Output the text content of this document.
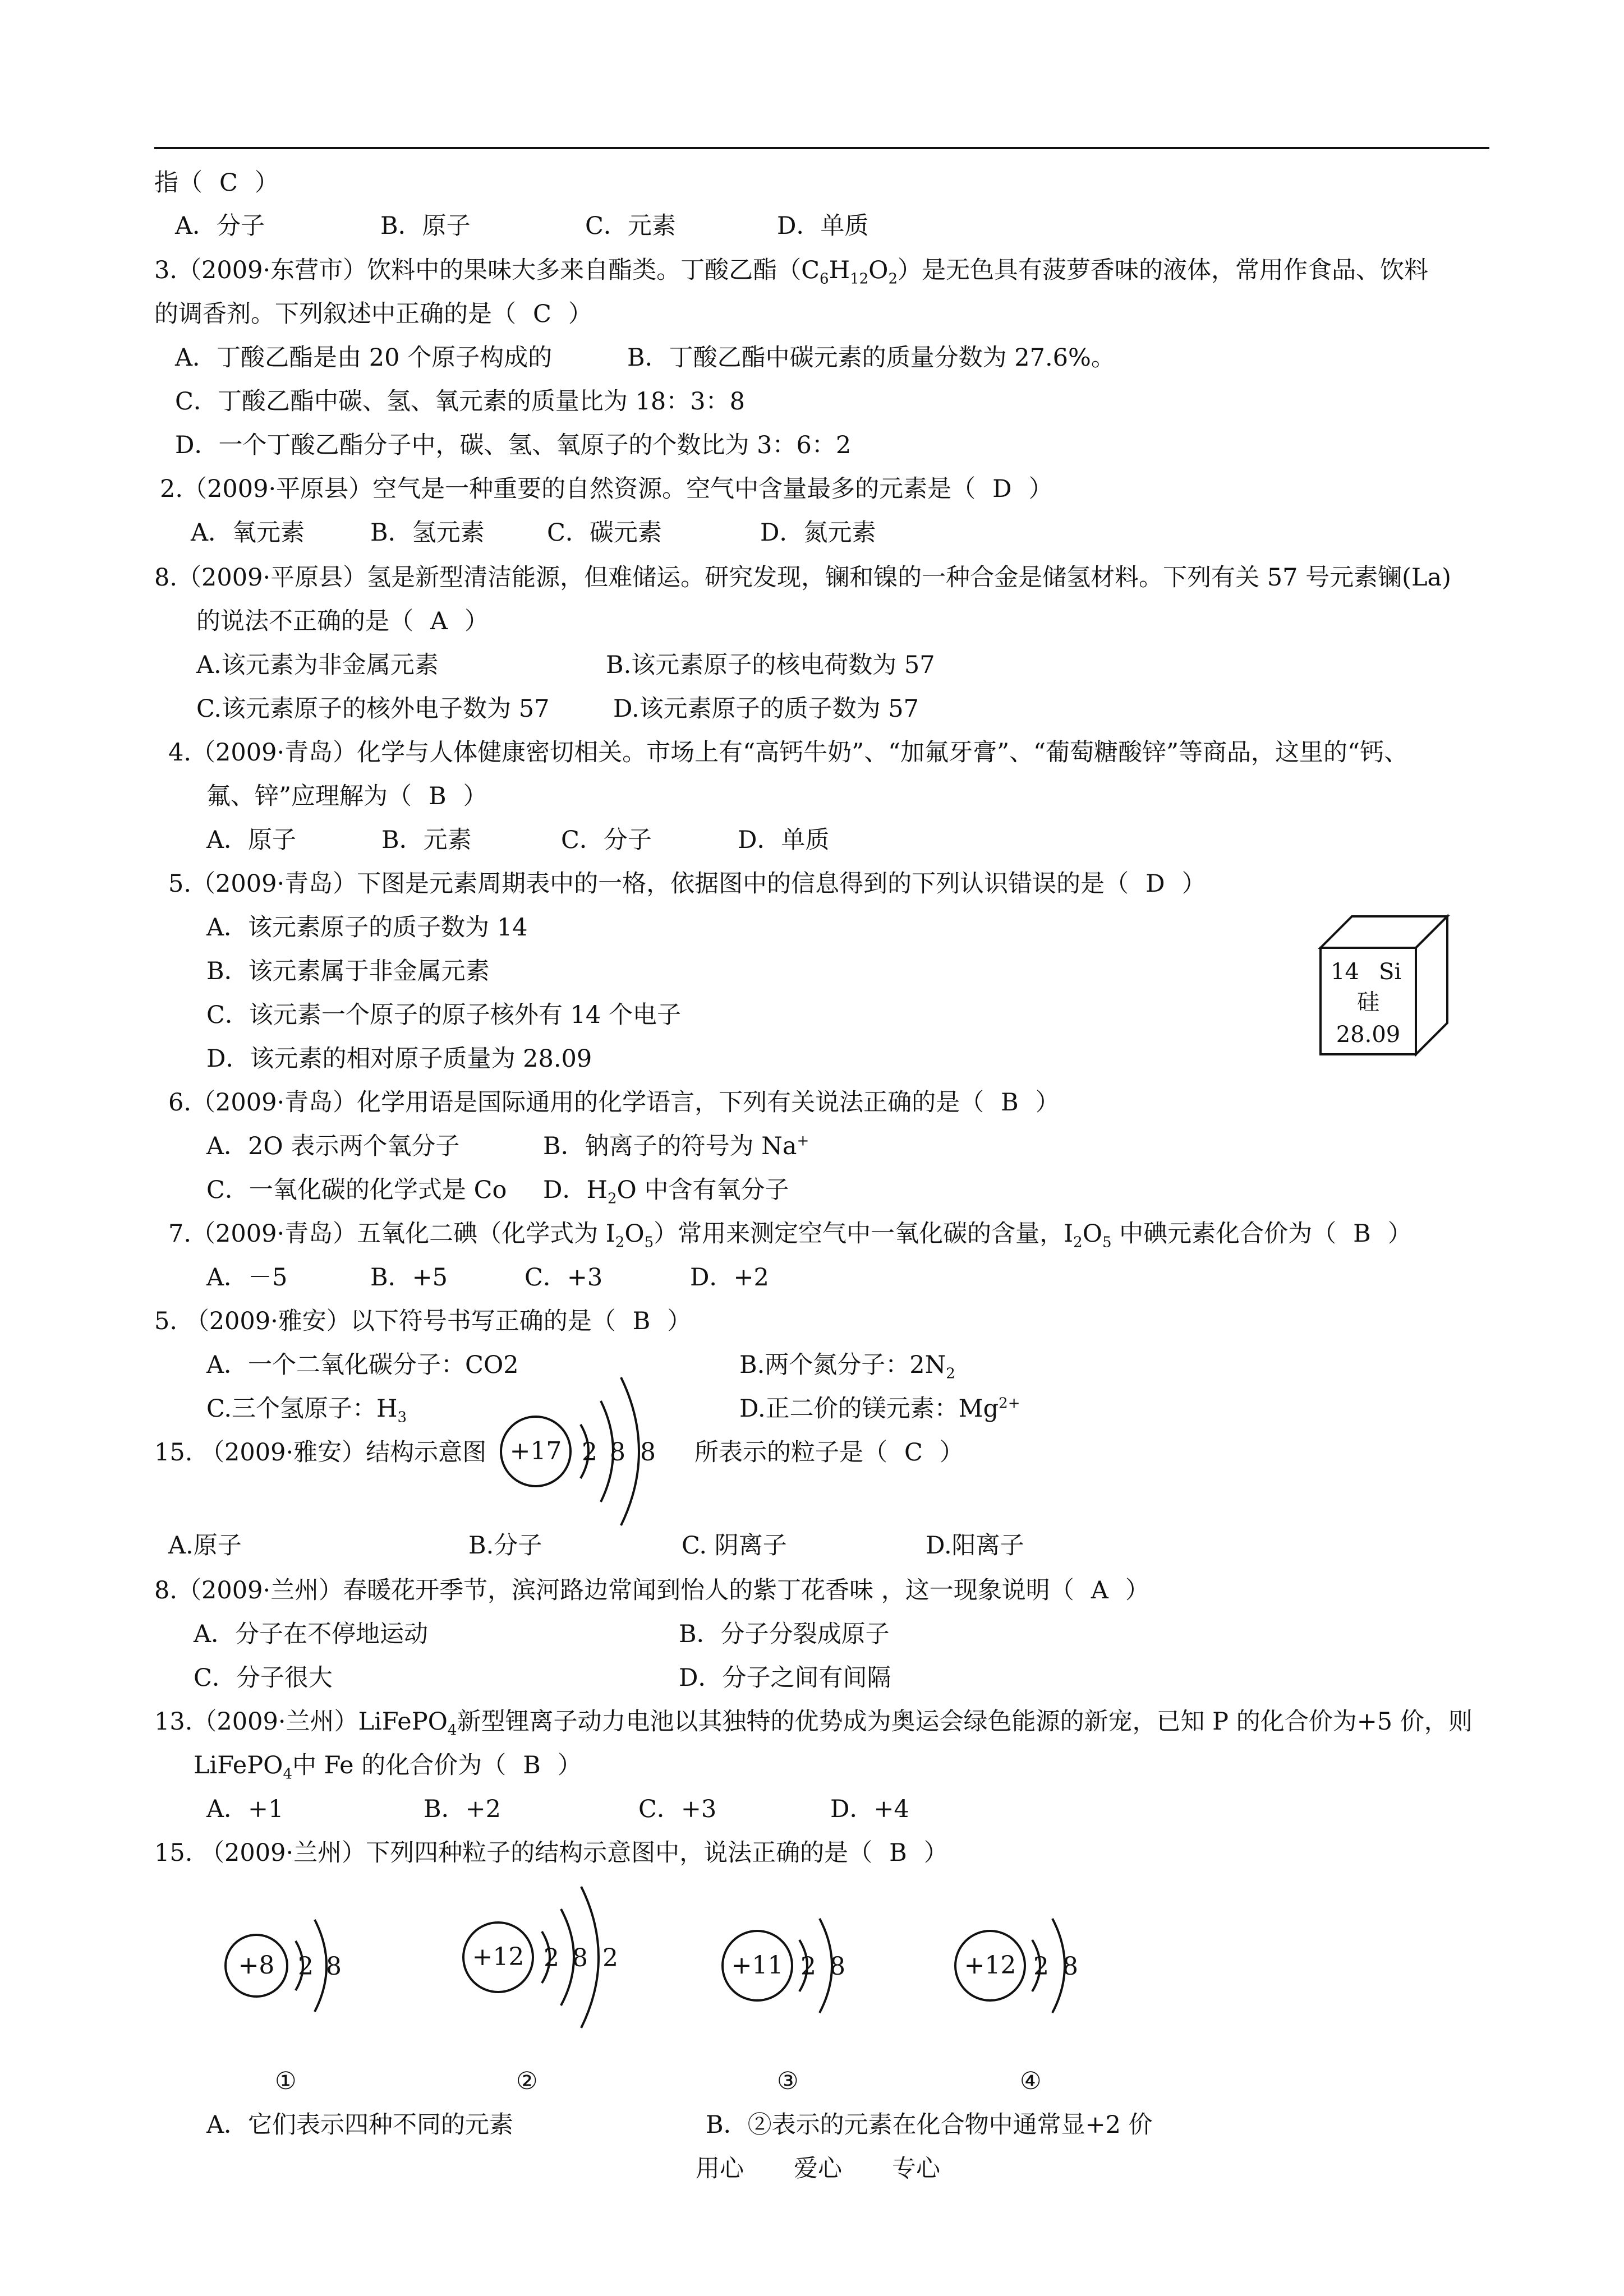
指（ C ）
A．分子	B．原子	C．元素	D．单质
3.（2009·东营市）饮料中的果味大多来自酯类。丁酸乙酯$(C_6H_{12}O_2)$是无色具有菠萝香味的液体，常用作食品、饮料
的调香剂。下列叙述中正确的是（ C ）
A．丁酸乙酯是由 20 个原子构成的	B．丁酸乙酯中碳元素的质量分数为 27.6%。
C．丁酸乙酯中碳、氢、氧元素的质量比为 18：3：8
D．一个丁酸乙酯分子中，碳、氢、氧原子的个数比为 3：6：2
2.（2009·平原县）空气是一种重要的自然资源。空气中含量最多的元素是（ D ）
A．氧元素	B．氢元素	C．碳元素	D．氮元素
8.（2009·平原县）氢是新型清洁能源，但难储运。研究发现，镧和镍的一种合金是储氢材料。下列有关 57 号元素镧(La)
的说法不正确的是（ A ）
A.该元素为非金属元素	B.该元素原子的核电荷数为 57
C.该元素原子的核外电子数为 57	D.该元素原子的质子数为 57
4.（2009·青岛）化学与人体健康密切相关。市场上有“高钙牛奶”、“加氟牙膏”、“葡萄糖酸锌”等商品，这里的“钙、
氟、锌”应理解为（ B ）
A．原子	B．元素	C．分子	D．单质
5.（2009·青岛）下图是元素周期表中的一格，依据图中的信息得到的下列认识错误的是（ D ）
A．该元素原子的质子数为 14
B．该元素属于非金属元素
C．该元素一个原子的原子核外有 14 个电子
D．该元素的相对原子质量为 28.09
14 Si
硅
28.09
6.（2009·青岛）化学用语是国际通用的化学语言，下列有关说法正确的是（ B ）
A．2O 表示两个氧分子	B．钠离子的符号为 Na+
C．一氧化碳的化学式是 Co D．$H_2O$ 中含有氧分子
7.（2009·青岛）五氧化二碘（化学式为 $I_2O_5$）常用来测定空气中一氧化碳的含量，$I_2O_5$ 中碘元素化合价为（ B ）
A．－5	B．+5	C．+3	D．+2
5. （2009·雅安）以下符号书写正确的是（ B ）
A．一个二氧化碳分子：CO2	B.两个氮分子：$2N_2$
C.三个氢原子：$H_3$	D.正二价的镁元素：$Mg^{2+}$
15. （2009·雅安）结构示意图	所表示的粒子是（ C ）
+17 2 8 8
A.原子	B.分子	C. 阴离子	D.阳离子
8.（2009·兰州）春暖花开季节，滨河路边常闻到怡人的紫丁花香味 ，这一现象说明（ A ）
A．分子在不停地运动	B．分子分裂成原子
C．分子很大	D．分子之间有间隔
13.（2009·兰州）LiFePO$_4$新型锂离子动力电池以其独特的优势成为奥运会绿色能源的新宠，已知 P 的化合价为+5 价，则
LiFePO$_4$中 Fe 的化合价为（ B ）
A．+1	B．+2	C．+3	D．+4
15. （2009·兰州）下列四种粒子的结构示意图中，说法正确的是（ B ）
+8 2 8	+12 2 8 2	+11 2 8	+12 2 8
①	②	③	④
A．它们表示四种不同的元素	B．②表示的元素在化合物中通常显+2 价
用心 爱心 专心
